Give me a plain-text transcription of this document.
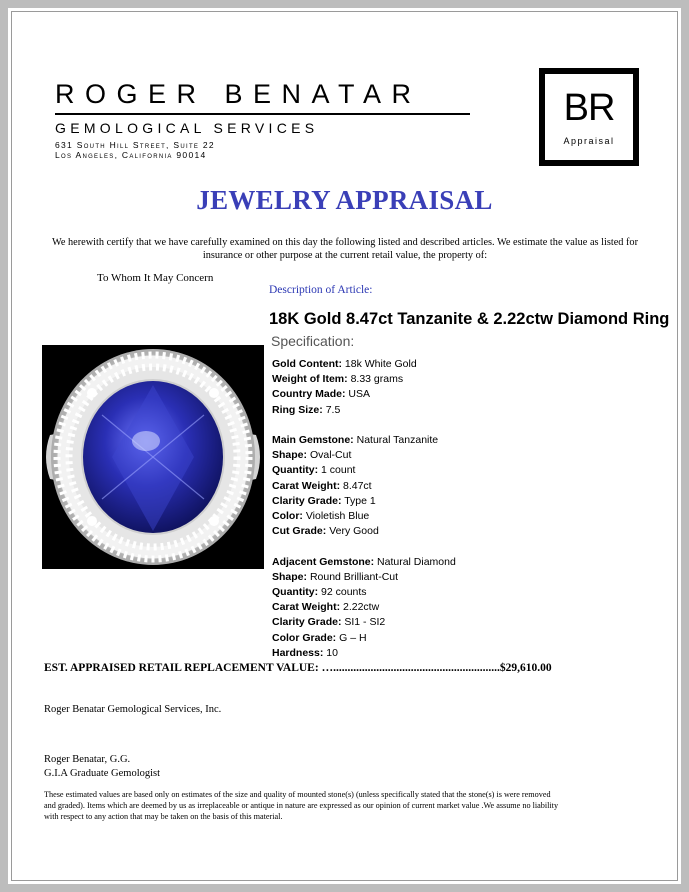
ROGER BENATAR
GEMOLOGICAL SERVICES
631 South Hill Street, Suite 22
Los Angeles, California 90014
BR
Appraisal
JEWELRY APPRAISAL
We herewith certify that we have carefully examined on this day the following listed and described articles. We estimate the value as listed for insurance or other purpose at the current retail value, the property of:
To Whom It May Concern
Description of Article:
18K Gold 8.47ct Tanzanite & 2.22ctw Diamond Ring
Specification:
Gold Content: 18k White Gold
Weight of Item: 8.33 grams
Country Made: USA
Ring Size: 7.5
Main Gemstone: Natural Tanzanite
Shape: Oval-Cut
Quantity: 1 count
Carat Weight: 8.47ct
Clarity Grade: Type 1
Color: Violetish Blue
Cut Grade: Very Good
Adjacent Gemstone: Natural Diamond
Shape: Round Brilliant-Cut
Quantity: 92 counts
Carat Weight: 2.22ctw
Clarity Grade: SI1 - SI2
Color Grade: G – H
Hardness: 10
EST. APPRAISED RETAIL REPLACEMENT VALUE: …..........................................................$29,610.00
Roger Benatar Gemological Services, Inc.
Roger Benatar, G.G.
G.I.A Graduate Gemologist
These estimated values are based only on estimates of the size and quality of mounted stone(s) (unless specifically stated that the stone(s) is were removed and graded). Items which are deemed by us as irreplaceable or antique in nature are expressed as our opinion of current market value .We assume no liability with respect to any action that may be taken on the basis of this material.
